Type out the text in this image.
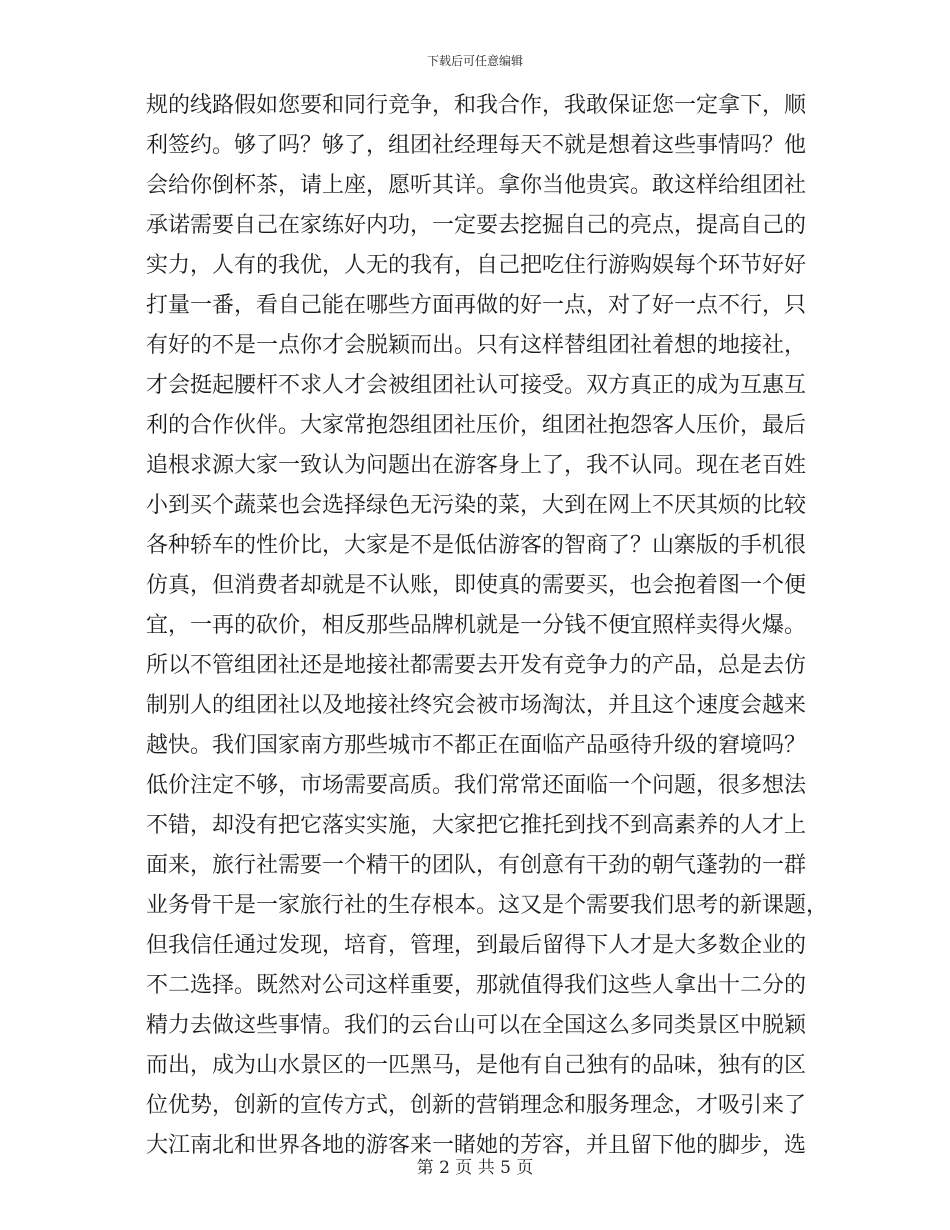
下载后可任意编辑
规的线路假如您要和同行竞争，和我合作，我敢保证您一定拿下，顺
利签约。够了吗？够了，组团社经理每天不就是想着这些事情吗？他
会给你倒杯茶，请上座，愿听其详。拿你当他贵宾。敢这样给组团社
承诺需要自己在家练好内功，一定要去挖掘自己的亮点，提高自己的
实力，人有的我优，人无的我有，自己把吃住行游购娱每个环节好好
打量一番，看自己能在哪些方面再做的好一点，对了好一点不行，只
有好的不是一点你才会脱颖而出。只有这样替组团社着想的地接社，
才会挺起腰杆不求人才会被组团社认可接受。双方真正的成为互惠互
利的合作伙伴。大家常抱怨组团社压价，组团社抱怨客人压价，最后
追根求源大家一致认为问题出在游客身上了，我不认同。现在老百姓
小到买个蔬菜也会选择绿色无污染的菜，大到在网上不厌其烦的比较
各种轿车的性价比，大家是不是低估游客的智商了？山寨版的手机很
仿真，但消费者却就是不认账，即使真的需要买，也会抱着图一个便
宜，一再的砍价，相反那些品牌机就是一分钱不便宜照样卖得火爆。
所以不管组团社还是地接社都需要去开发有竞争力的产品，总是去仿
制别人的组团社以及地接社终究会被市场淘汰，并且这个速度会越来
越快。我们国家南方那些城市不都正在面临产品亟待升级的窘境吗？
低价注定不够，市场需要高质。我们常常还面临一个问题，很多想法
不错，却没有把它落实实施，大家把它推托到找不到高素养的人才上
面来，旅行社需要一个精干的团队，有创意有干劲的朝气蓬勃的一群
业务骨干是一家旅行社的生存根本。这又是个需要我们思考的新课题，
但我信任通过发现，培育，管理，到最后留得下人才是大多数企业的
不二选择。既然对公司这样重要，那就值得我们这些人拿出十二分的
精力去做这些事情。我们的云台山可以在全国这么多同类景区中脱颖
而出，成为山水景区的一匹黑马，是他有自己独有的品味，独有的区
位优势，创新的宣传方式，创新的营销理念和服务理念，才吸引来了
大江南北和世界各地的游客来一睹她的芳容，并且留下他的脚步，选
第 2 页 共 5 页
